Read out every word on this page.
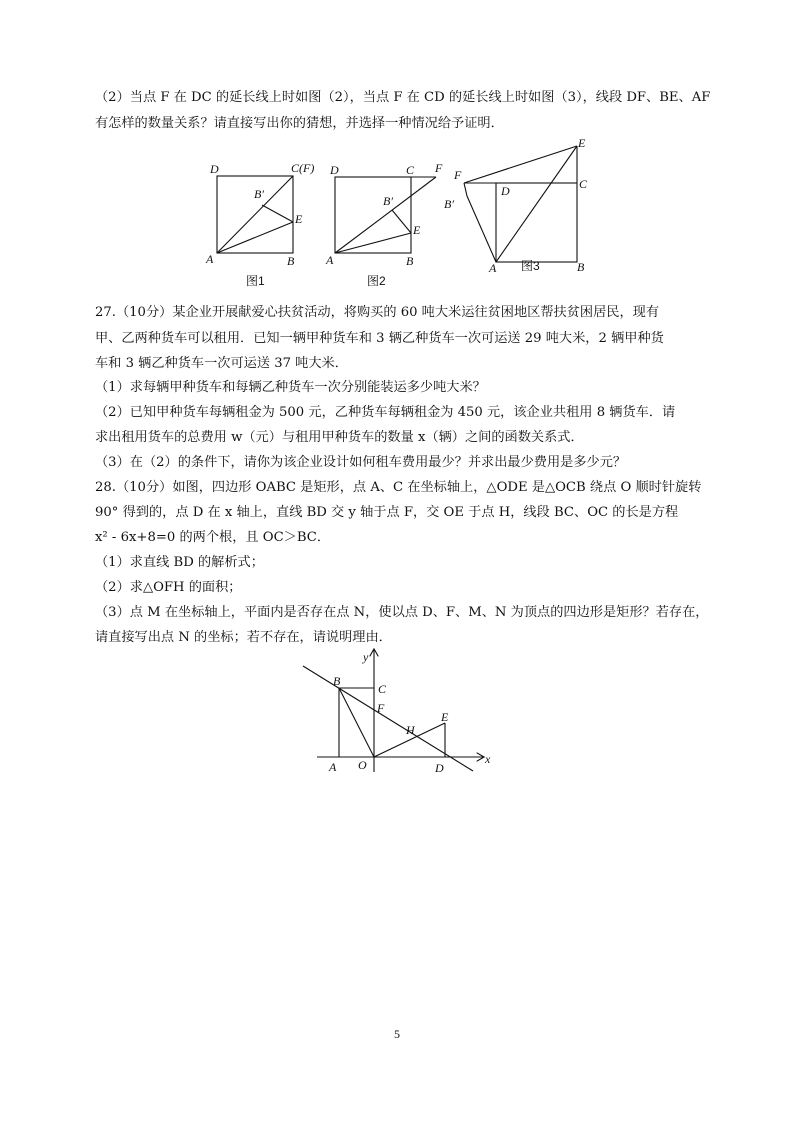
（2）当点 F 在 DC 的延长线上时如图（2），当点 F 在 CD 的延长线上时如图（3），线段 DF、BE、AF
有怎样的数量关系？请直接写出你的猜想，并选择一种情况给予证明．
D	C(F)
B′
E
A	B
图1
D	C F
B′
E
A	B
图2
E
C
F
D
B′
A	B
图3
27.（10分）某企业开展献爱心扶贫活动，将购买的 60 吨大米运往贫困地区帮扶贫困居民，现有
甲、乙两种货车可以租用．已知一辆甲种货车和 3 辆乙种货车一次可运送 29 吨大米，2 辆甲种货
车和 3 辆乙种货车一次可运送 37 吨大米．
（1）求每辆甲种货车和每辆乙种货车一次分别能装运多少吨大米？
（2）已知甲种货车每辆租金为 500 元，乙种货车每辆租金为 450 元，该企业共租用 8 辆货车．请
求出租用货车的总费用 w（元）与租用甲种货车的数量 x（辆）之间的函数关系式．
（3）在（2）的条件下，请你为该企业设计如何租车费用最少？并求出最少费用是多少元？
28.（10分）如图，四边形 OABC 是矩形，点 A、C 在坐标轴上，△ODE 是△OCB 绕点 O 顺时针旋转
90° 得到的，点 D 在 x 轴上，直线 BD 交 y 轴于点 F，交 OE 于点 H，线段 BC、OC 的长是方程
x² - 6x+8=0 的两个根，且 OC＞BC．
（1）求直线 BD 的解析式；
（2）求△OFH 的面积；
（3）点 M 在坐标轴上，平面内是否存在点 N，使以点 D、F、M、N 为顶点的四边形是矩形？若存在，
请直接写出点 N 的坐标；若不存在，请说明理由．
y
x
B
C
F
H
E
A O	D
5
